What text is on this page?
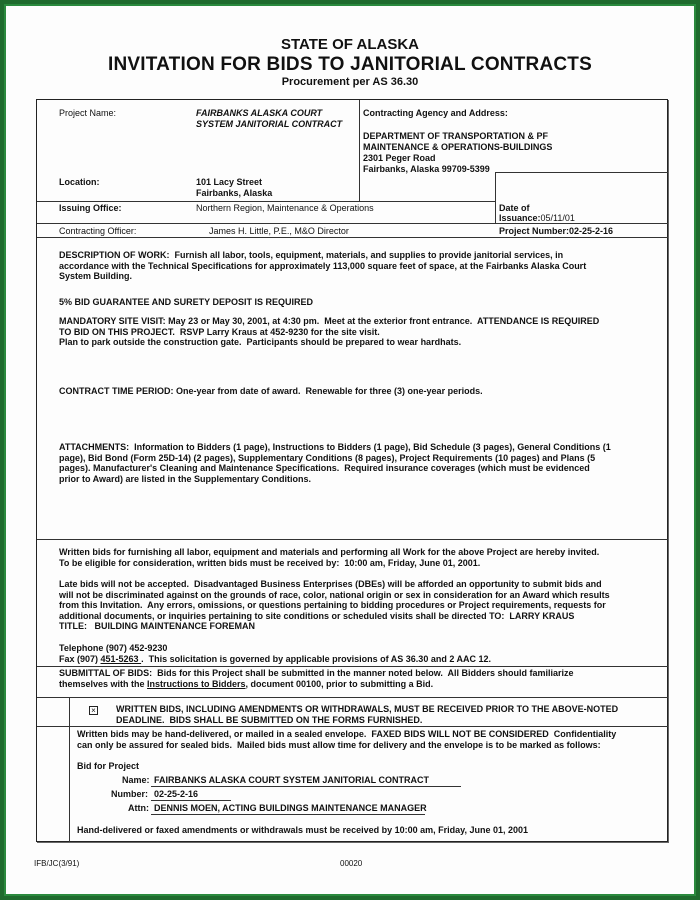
STATE OF ALASKA
INVITATION FOR BIDS TO JANITORIAL CONTRACTS
Procurement per AS 36.30
Project Name:	FAIRBANKS ALASKA COURT
SYSTEM JANITORIAL CONTRACT
Contracting Agency and Address:
DEPARTMENT OF TRANSPORTATION & PF
MAINTENANCE & OPERATIONS-BUILDINGS
2301 Peger Road
Fairbanks, Alaska 99709-5399
Location:	101 Lacy Street
Fairbanks, Alaska
Issuing Office:	Northern Region, Maintenance & Operations	Date of
Issuance:05/11/01
Contracting Officer:	James H. Little, P.E., M&O Director	Project Number:02-25-2-16
DESCRIPTION OF WORK:  Furnish all labor, tools, equipment, materials, and supplies to provide janitorial services, in
accordance with the Technical Specifications for approximately 113,000 square feet of space, at the Fairbanks Alaska Court
System Building.
5% BID GUARANTEE AND SURETY DEPOSIT IS REQUIRED
MANDATORY SITE VISIT: May 23 or May 30, 2001, at 4:30 pm.  Meet at the exterior front entrance.  ATTENDANCE IS REQUIRED
TO BID ON THIS PROJECT.  RSVP Larry Kraus at 452-9230 for the site visit.
Plan to park outside the construction gate.  Participants should be prepared to wear hardhats.
CONTRACT TIME PERIOD: One-year from date of award.  Renewable for three (3) one-year periods.
ATTACHMENTS:  Information to Bidders (1 page), Instructions to Bidders (1 page), Bid Schedule (3 pages), General Conditions (1
page), Bid Bond (Form 25D-14) (2 pages), Supplementary Conditions (8 pages), Project Requirements (10 pages) and Plans (5
pages). Manufacturer's Cleaning and Maintenance Specifications.  Required insurance coverages (which must be evidenced
prior to Award) are listed in the Supplementary Conditions.
Written bids for furnishing all labor, equipment and materials and performing all Work for the above Project are hereby invited.
To be eligible for consideration, written bids must be received by:  10:00 am, Friday, June 01, 2001.
Late bids will not be accepted.  Disadvantaged Business Enterprises (DBEs) will be afforded an opportunity to submit bids and
will not be discriminated against on the grounds of race, color, national origin or sex in consideration for an Award which results
from this Invitation.  Any errors, omissions, or questions pertaining to bidding procedures or Project requirements, requests for
additional documents, or inquiries pertaining to site conditions or scheduled visits shall be directed TO:  LARRY KRAUS
TITLE:   BUILDING MAINTENANCE FOREMAN
Telephone (907) 452-9230
Fax (907) 451-5263 .  This solicitation is governed by applicable provisions of AS 36.30 and 2 AAC 12.
SUBMITTAL OF BIDS:  Bids for this Project shall be submitted in the manner noted below.  All Bidders should familiarize
themselves with the Instructions to Bidders, document 00100, prior to submitting a Bid.
× WRITTEN BIDS, INCLUDING AMENDMENTS OR WITHDRAWALS, MUST BE RECEIVED PRIOR TO THE ABOVE-NOTED
DEADLINE.  BIDS SHALL BE SUBMITTED ON THE FORMS FURNISHED.
Written bids may be hand-delivered, or mailed in a sealed envelope.  FAXED BIDS WILL NOT BE CONSIDERED  Confidentiality
can only be assured for sealed bids.  Mailed bids must allow time for delivery and the envelope is to be marked as follows:
Bid for Project
Name: FAIRBANKS ALASKA COURT SYSTEM JANITORIAL CONTRACT
Number: 02-25-2-16
Attn: DENNIS MOEN, ACTING BUILDINGS MAINTENANCE MANAGER
Hand-delivered or faxed amendments or withdrawals must be received by 10:00 am, Friday, June 01, 2001
IFB/JC(3/91)	00020
